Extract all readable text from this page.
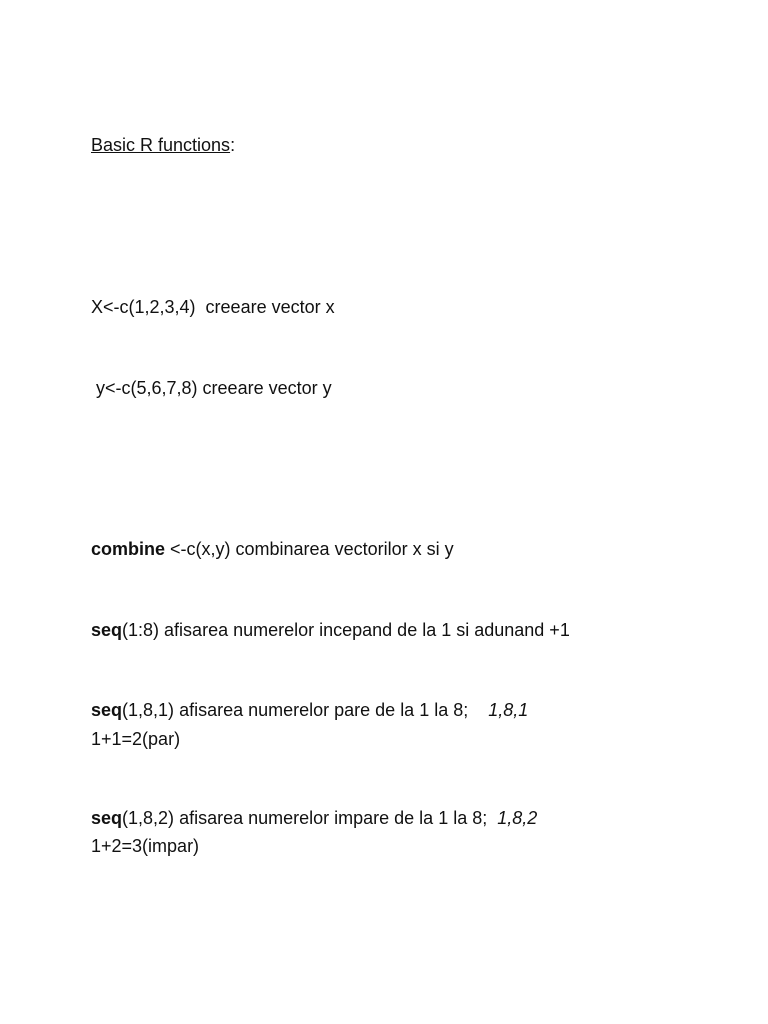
Basic R functions:
X<-c(1,2,3,4)  creeare vector x
y<-c(5,6,7,8) creeare vector y
combine <-c(x,y) combinarea vectorilor x si y
seq(1:8) afisarea numerelor incepand de la 1 si adunand +1
seq(1,8,1) afisarea numerelor pare de la 1 la 8;    1,8,1
1+1=2(par)
seq(1,8,2) afisarea numerelor impare de la 1 la 8;  1,8,2
1+2=3(impar)
